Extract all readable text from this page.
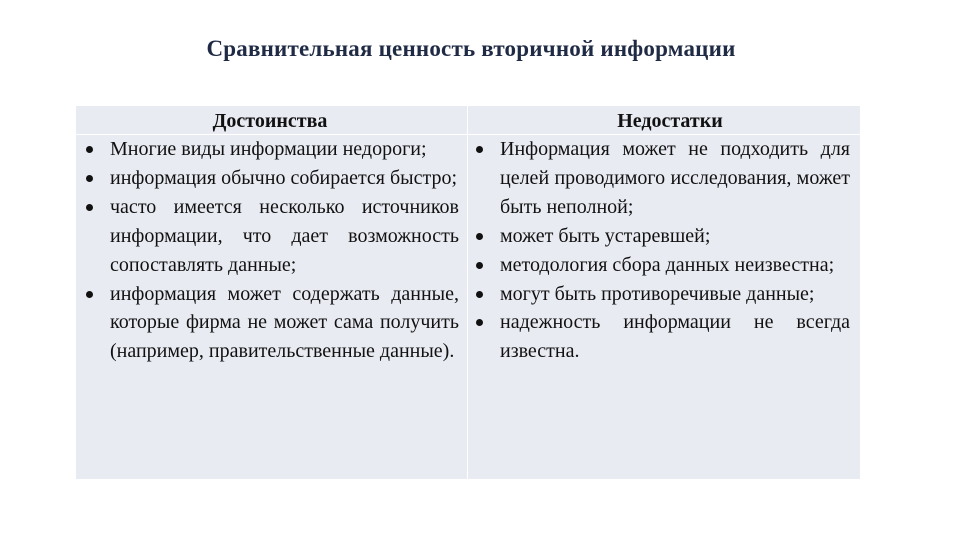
Сравнительная ценность вторичной информации
Достоинства
Многие виды информации недороги;
информация обычно собирается быстро;
часто имеется несколько источников информации, что дает возможность сопоставлять данные;
информация может содержать данные, которые фирма не может сама получить (например, правительственные данные).
Недостатки
Информация может не подходить для целей проводимого исследования, может быть неполной;
может быть устаревшей;
методология сбора данных неизвестна;
могут быть противоречивые данные;
надежность информации не всегда известна.
